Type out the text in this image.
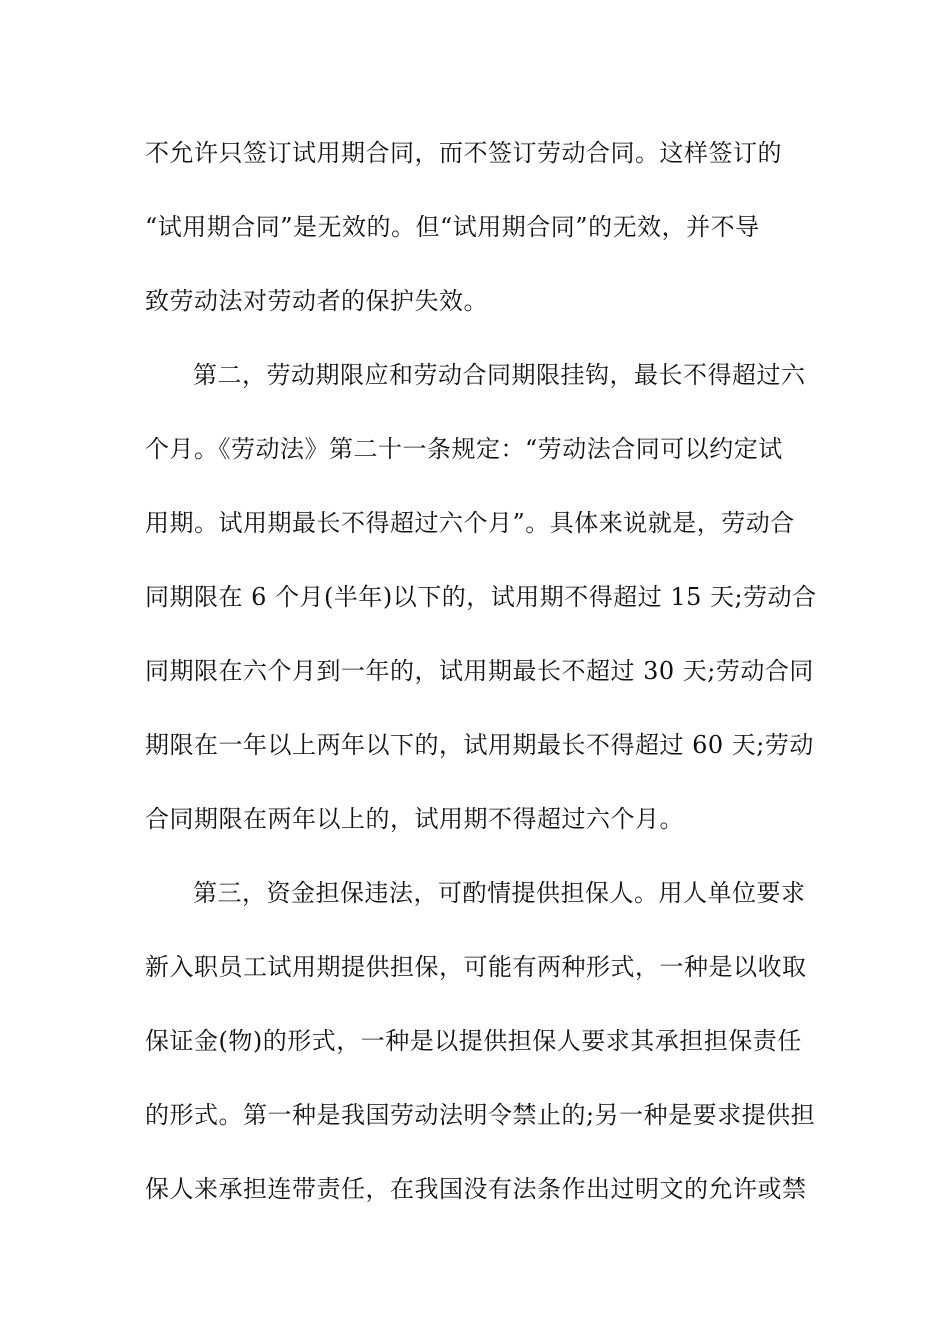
不允许只签订试用期合同，而不签订劳动合同。这样签订的
“试用期合同”是无效的。但“试用期合同”的无效，并不导
致劳动法对劳动者的保护失效。
第二，劳动期限应和劳动合同期限挂钩，最长不得超过六
个月。《劳动法》第二十一条规定：“劳动法合同可以约定试
用期。试用期最长不得超过六个月”。具体来说就是，劳动合
同期限在 6 个月(半年)以下的，试用期不得超过 15 天;劳动合
同期限在六个月到一年的，试用期最长不超过 30 天;劳动合同
期限在一年以上两年以下的，试用期最长不得超过 60 天;劳动
合同期限在两年以上的，试用期不得超过六个月。
第三，资金担保违法，可酌情提供担保人。用人单位要求
新入职员工试用期提供担保，可能有两种形式，一种是以收取
保证金(物)的形式，一种是以提供担保人要求其承担担保责任
的形式。第一种是我国劳动法明令禁止的;另一种是要求提供担
保人来承担连带责任，在我国没有法条作出过明文的允许或禁
